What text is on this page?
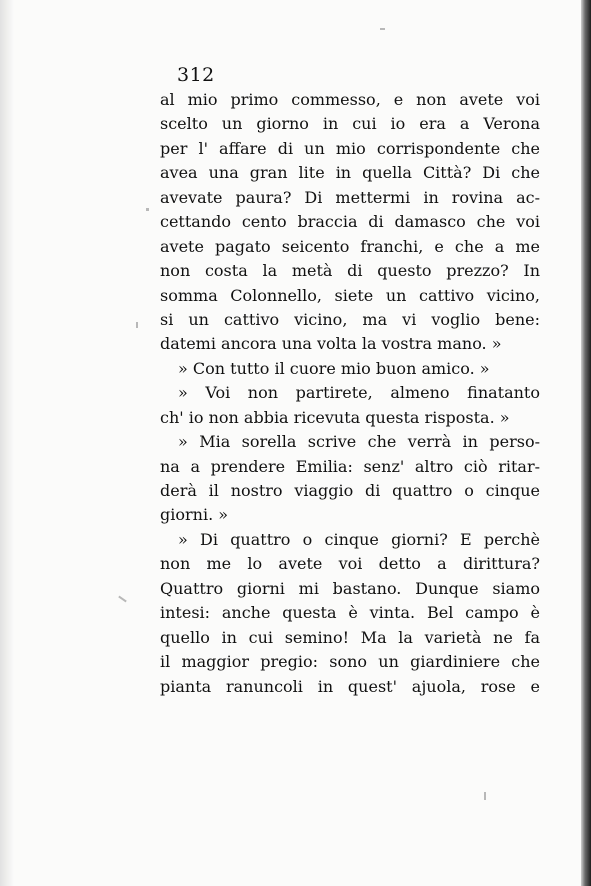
312
al mio primo commesso, e non avete voi
scelto un giorno in cui io era a Verona
per l' affare di un mio corrispondente che
avea una gran lite in quella Città? Di che
avevate paura? Di mettermi in rovina ac-
cettando cento braccia di damasco che voi
avete pagato seicento franchi, e che a me
non costa la metà di questo prezzo? In
somma Colonnello, siete un cattivo vicino,
si un cattivo vicino, ma vi voglio bene:
datemi ancora una volta la vostra mano. »
» Con tutto il cuore mio buon amico. »
» Voi non partirete, almeno finatanto
ch' io non abbia ricevuta questa risposta. »
» Mia sorella scrive che verrà in perso-
na a prendere Emilia: senz' altro ciò ritar-
derà il nostro viaggio di quattro o cinque
giorni. »
» Di quattro o cinque giorni? E perchè
non me lo avete voi detto a dirittura?
Quattro giorni mi bastano. Dunque siamo
intesi: anche questa è vinta. Bel campo è
quello in cui semino! Ma la varietà ne fa
il maggior pregio: sono un giardiniere che
pianta ranuncoli in quest' ajuola, rose e
